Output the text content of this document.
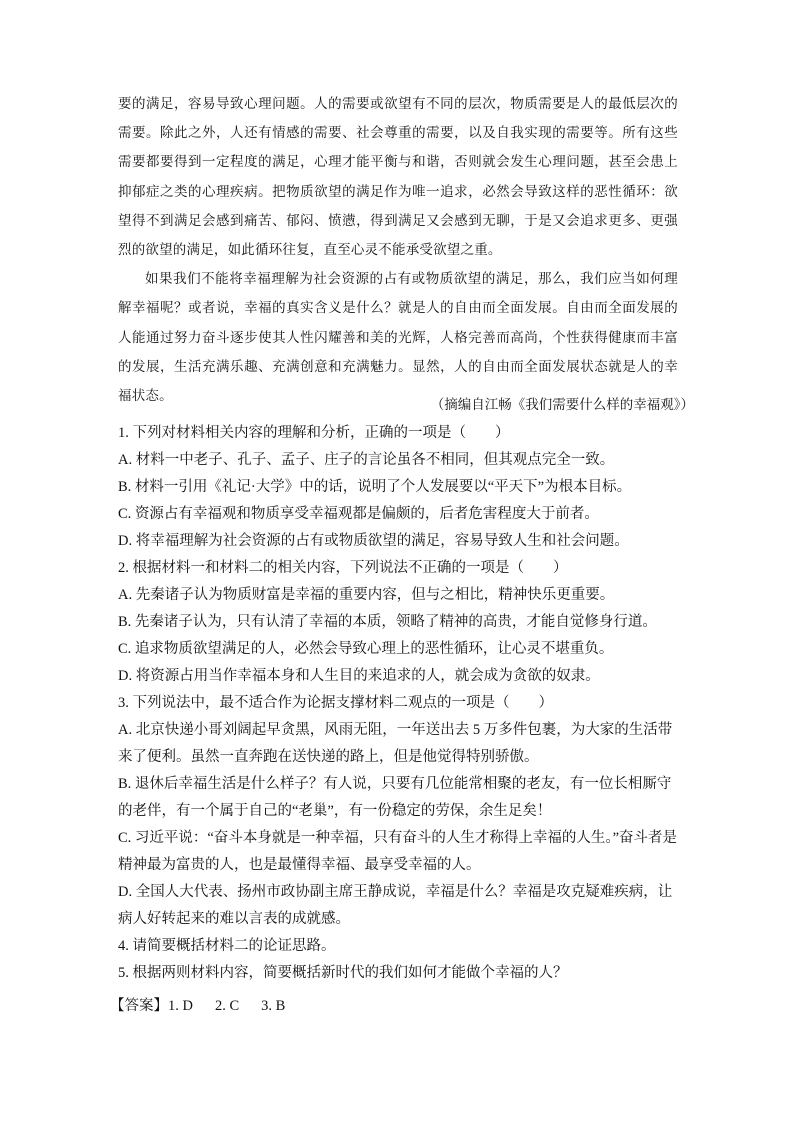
要的满足，容易导致心理问题。人的需要或欲望有不同的层次，物质需要是人的最低层次的需要。除此之外，人还有情感的需要、社会尊重的需要，以及自我实现的需要等。所有这些需要都要得到一定程度的满足，心理才能平衡与和谐，否则就会发生心理问题，甚至会患上抑郁症之类的心理疾病。把物质欲望的满足作为唯一追求，必然会导致这样的恶性循环：欲望得不到满足会感到痛苦、郁闷、愤懑，得到满足又会感到无聊，于是又会追求更多、更强烈的欲望的满足，如此循环往复，直至心灵不能承受欲望之重。

如果我们不能将幸福理解为社会资源的占有或物质欲望的满足，那么，我们应当如何理解幸福呢？或者说，幸福的真实含义是什么？就是人的自由而全面发展。自由而全面发展的人能通过努力奋斗逐步使其人性闪耀善和美的光辉，人格完善而高尚，个性获得健康而丰富的发展，生活充满乐趣、充满创意和充满魅力。显然，人的自由而全面发展状态就是人的幸福状态。

（摘编自江畅《我们需要什么样的幸福观》）
1. 下列对材料相关内容的理解和分析，正确的一项是（　　）
A. 材料一中老子、孔子、孟子、庄子的言论虽各不相同，但其观点完全一致。
B. 材料一引用《礼记·大学》中的话，说明了个人发展要以“平天下”为根本目标。
C. 资源占有幸福观和物质享受幸福观都是偏颇的，后者危害程度大于前者。
D. 将幸福理解为社会资源的占有或物质欲望的满足，容易导致人生和社会问题。
2. 根据材料一和材料二的相关内容，下列说法不正确的一项是（　　）
A. 先秦诸子认为物质财富是幸福的重要内容，但与之相比，精神快乐更重要。
B. 先秦诸子认为，只有认清了幸福的本质，领略了精神的高贵，才能自觉修身行道。
C. 追求物质欲望满足的人，必然会导致心理上的恶性循环，让心灵不堪重负。
D. 将资源占用当作幸福本身和人生目的来追求的人，就会成为贪欲的奴隶。
3. 下列说法中，最不适合作为论据支撑材料二观点的一项是（　　）
A. 北京快递小哥刘阔起早贪黑，风雨无阻，一年送出去 5 万多件包裹，为大家的生活带来了便利。虽然一直奔跑在送快递的路上，但是他觉得特别骄傲。
B. 退休后幸福生活是什么样子？有人说，只要有几位能常相聚的老友，有一位长相厮守的老伴，有一个属于自己的“老巢”，有一份稳定的劳保，余生足矣！
C. 习近平说：“奋斗本身就是一种幸福，只有奋斗的人生才称得上幸福的人生。”奋斗者是精神最为富贵的人，也是最懂得幸福、最享受幸福的人。
D. 全国人大代表、扬州市政协副主席王静成说，幸福是什么？幸福是攻克疑难疾病，让病人好转起来的难以言表的成就感。
4. 请简要概括材料二的论证思路。
5. 根据两则材料内容，简要概括新时代的我们如何才能做个幸福的人？
【答案】1. D 2. C 3. B
